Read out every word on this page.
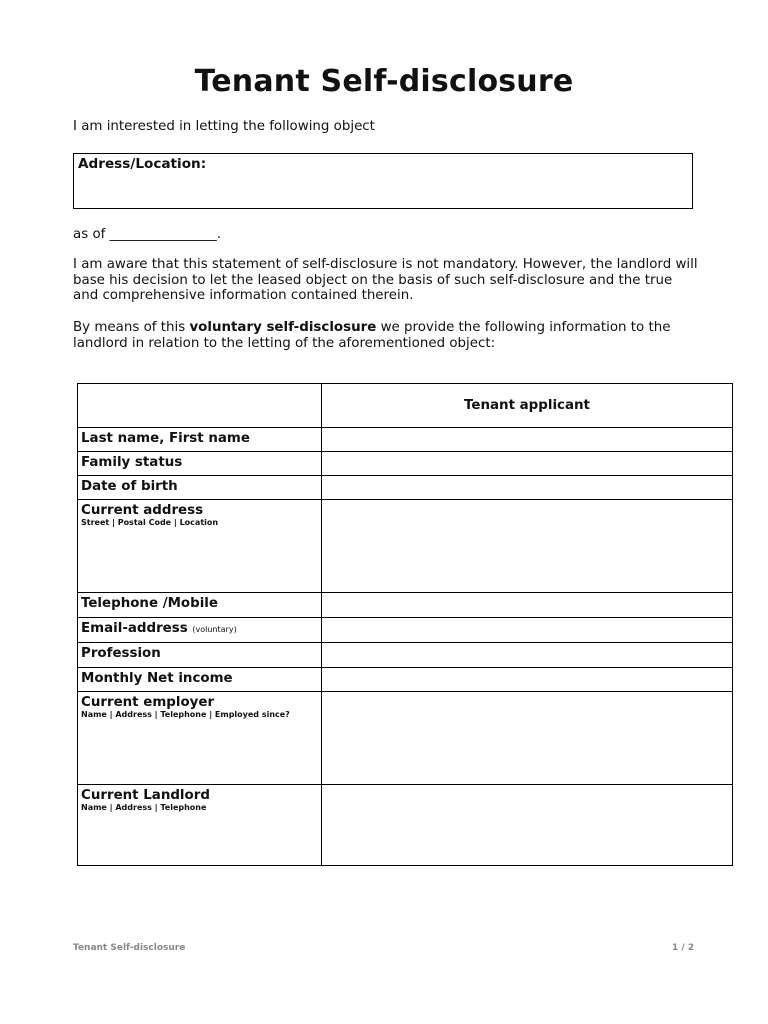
Tenant Self-disclosure
I am interested in letting the following object
Adress/Location:
as of ________________.
I am aware that this statement of self-disclosure is not mandatory. However, the landlord will base his decision to let the leased object on the basis of such self-disclosure and the true and comprehensive information contained therein.
By means of this voluntary self-disclosure we provide the following information to the landlord in relation to the letting of the aforementioned object:
	Tenant applicant

Last name, First name	

Family status	

Date of birth	

Current address
Street | Postal Code | Location	

Telephone /Mobile	

Email-address (voluntary)	

Profession	

Monthly Net income	

Current employer
Name | Address | Telephone | Employed since?	

Current Landlord
Name | Address | Telephone	

Tenant Self-disclosure	1 / 2
